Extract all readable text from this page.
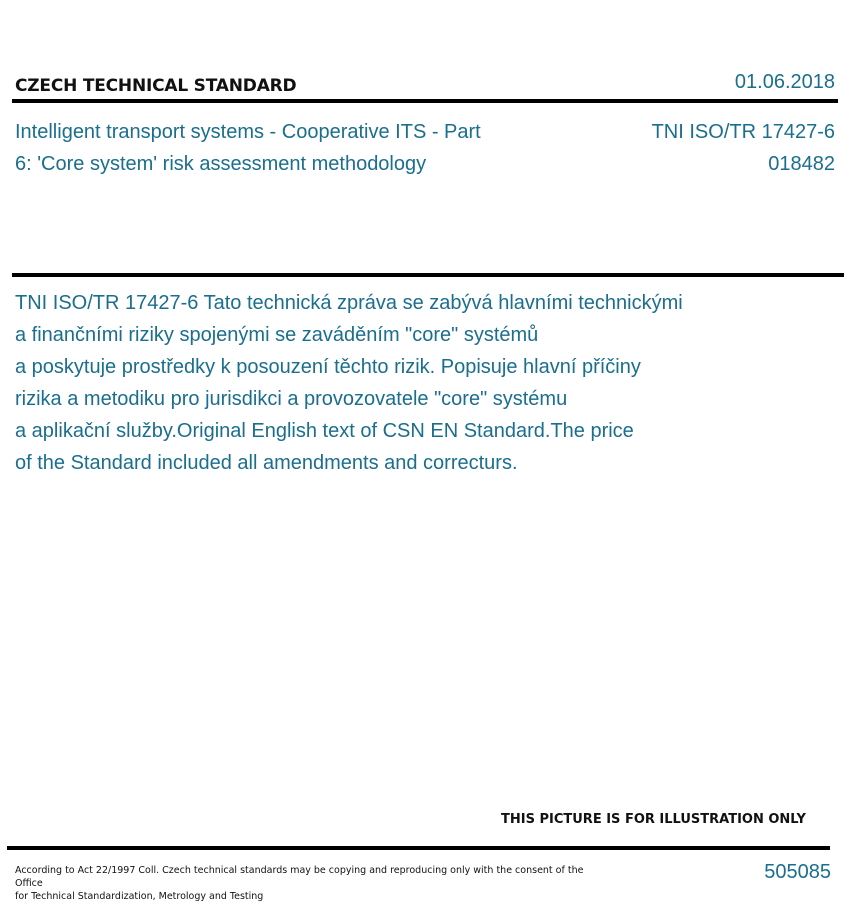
CZECH TECHNICAL STANDARD	01.06.2018
Intelligent transport systems - Cooperative ITS - Part
6: 'Core system' risk assessment methodology
TNI ISO/TR 17427-6
018482
TNI ISO/TR 17427-6 Tato technická zpráva se zabývá hlavními technickými
a finančními riziky spojenými se zaváděním "core" systémů
a poskytuje prostředky k posouzení těchto rizik. Popisuje hlavní příčiny
rizika a metodiku pro jurisdikci a provozovatele "core" systému
a aplikační služby.Original English text of CSN EN Standard.The price
of the Standard included all amendments and correcturs.
THIS PICTURE IS FOR ILLUSTRATION ONLY
According to Act 22/1997 Coll. Czech technical standards may be copying and reproducing only with the consent of the Office
for Technical Standardization, Metrology and Testing
505085
